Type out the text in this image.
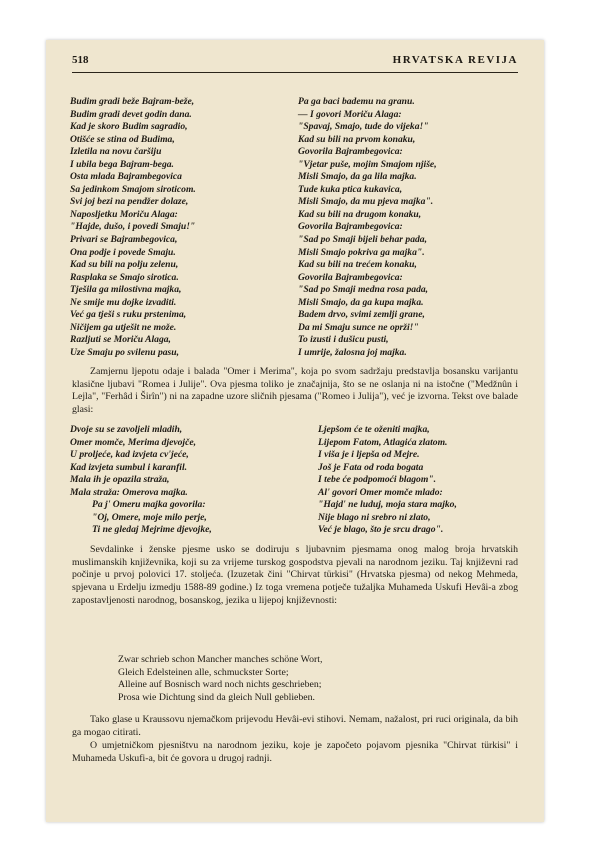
518	HRVATSKA REVIJA
Budim gradi beže Bajram-beže,
Budim gradi devet godin dana.
Kad je skoro Budim sagradio,
Otišće se stina od Budima,
Izletila na novu čaršiju
I ubila bega Bajram-bega.
Osta mlada Bajrambegovica
Sa jedinkom Smajom siroticom.
Svi joj bezi na pendžer dolaze,
Naposljetku Moriču Alaga:
"Hajde, dušo, i povedi Smaju!"
Privari se Bajrambegovica,
Ona podje i povede Smaju.
Kad su bili na polju zelenu,
Rasplaka se Smajo sirotica.
Tješila ga milostivna majka,
Ne smije mu dojke izvaditi.
Već ga tješi s ruku prstenima,
Ničijem ga utješit ne može.
Razljuti se Moriču Alaga,
Uze Smaju po svilenu pasu,
Pa ga baci bademu na granu.
— I govori Moriču Alaga:
"Spavaj, Smajo, tude do vijeka!"
Kad su bili na prvom konaku,
Govorila Bajrambegovica:
"Vjetar puše, mojim Smajom njiše,
Misli Smajo, da ga lila majka.
Tude kuka ptica kukavica,
Misli Smajo, da mu pjeva majka".
Kad su bili na drugom konaku,
Govorila Bajrambegovica:
"Sad po Smaji bijeli behar pada,
Misli Smajo pokriva ga majka".
Kad su bili na trećem konaku,
Govorila Bajrambegovica:
"Sad po Smaji medna rosa pada,
Misli Smajo, da ga kupa majka.
Badem drvo, svimi zemlji grane,
Da mi Smaju sunce ne oprži!"
To izusti i dušicu pusti,
I umrije, žalosna joj majka.

Zamjernu ljepotu odaje i balada "Omer i Merima", koja po svom sadržaju predstavlja bosansku varijantu klasične ljubavi "Romea i Julije". Ova pjesma toliko je značajnija, što se ne oslanja ni na istočne ("Medžnûn i Lejla", "Ferhâd i Širîn") ni na zapadne uzore sličnih pjesama ("Romeo i Julija"), već je izvorna. Tekst ove balade glasi:

Dvoje su se zavoljeli mladih,
Omer momče, Merima djevojče,
U proljeće, kad izvjeta cv'jeće,
Kad izvjeta sumbul i karanfil.
Mala ih je opazila straža,
Mala straža: Omerova majka.
Pa j' Omeru majka govorila:
"Oj, Omere, moje milo perje,
Ti ne gledaj Mejrime djevojke,
Ljepšom će te oženiti majka,
Lijepom Fatom, Atlagića zlatom.
I viša je i ljepša od Mejre.
Još je Fata od roda bogata
I tebe će podpomoći blagom".
Al' govori Omer momče mlado:
"Hajd' ne luduj, moja stara majko,
Nije blago ni srebro ni zlato,
Već je blago, što je srcu drago".

Sevdalinke i ženske pjesme usko se dodiruju s ljubavnim pjesmama onog malog broja hrvatskih muslimanskih književnika, koji su za vrijeme turskog gospodstva pjevali na narodnom jeziku. Taj književni rad počinje u prvoj polovici 17. stoljeća. (Izuzetak čini "Chirvat türkisi" (Hrvatska pjesma) od nekog Mehmeda, spjevana u Erdelju izmedju 1588-89 godine.) Iz toga vremena potječe tužaljka Muhameda Uskufi Hevâi-a zbog zapostavljenosti narodnog, bosanskog, jezika u lijepoj književnosti:

Zwar schrieb schon Mancher manches schöne Wort,
Gleich Edelsteinen alle, schmuckster Sorte;
Alleine auf Bosnisch ward noch nichts geschrieben;
Prosa wie Dichtung sind da gleich Null geblieben.

Tako glase u Kraussovu njemačkom prijevodu Hevâi-evi stihovi. Nemam, nažalost, pri ruci originala, da bih ga mogao citirati.

O umjetničkom pjesništvu na narodnom jeziku, koje je započeto pojavom pjesnika "Chirvat türkisi" i Muhameda Uskufi-a, bit će govora u drugoj radnji.
